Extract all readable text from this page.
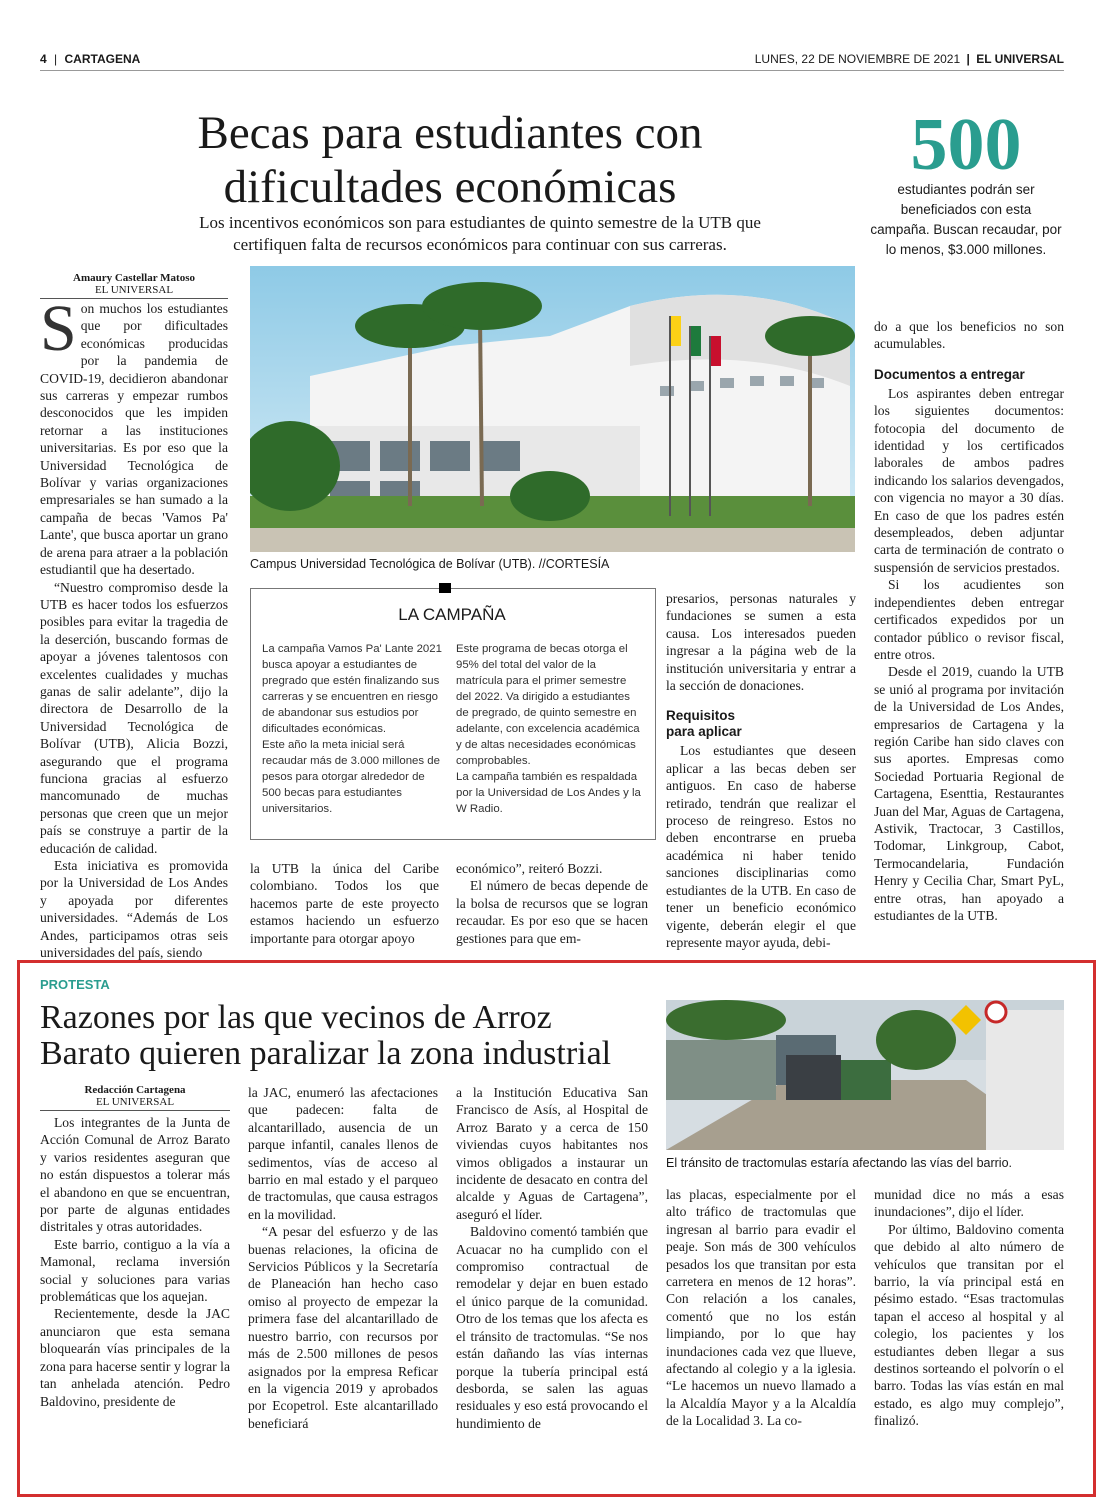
4 | CARTAGENA	LUNES, 22 DE NOVIEMBRE DE 2021 | EL UNIVERSAL
Becas para estudiantes con
dificultades económicas
Los incentivos económicos son para estudiantes de quinto semestre de la UTB que
certifiquen falta de recursos económicos para continuar con sus carreras.
500
estudiantes podrán ser
beneficiados con esta
campaña. Buscan recaudar, por
lo menos, $3.000 millones.
Amaury Castellar Matoso
EL UNIVERSAL
S on muchos los estudiantes que por dificultades económicas producidas por la pandemia de COVID-19, decidieron abandonar sus carreras y empezar rumbos desconocidos que les impiden retornar a las instituciones universitarias. Es por eso que la Universidad Tecnológica de Bolívar y varias organizaciones empresariales se han sumado a la campaña de becas 'Vamos Pa' Lante', que busca aportar un grano de arena para atraer a la población estudiantil que ha desertado.

“Nuestro compromiso desde la UTB es hacer todos los esfuerzos posibles para evitar la tragedia de la deserción, buscando formas de apoyar a jóvenes talentosos con excelentes cualidades y muchas ganas de salir adelante”, dijo la directora de Desarrollo de la Universidad Tecnológica de Bolívar (UTB), Alicia Bozzi, asegurando que el programa funciona gracias al esfuerzo mancomunado de muchas personas que creen que un mejor país se construye a partir de la educación de calidad.

Esta iniciativa es promovida por la Universidad de Los Andes y apoyada por diferentes universidades. “Además de Los Andes, participamos otras seis universidades del país, siendo

Campus Universidad Tecnológica de Bolívar (UTB). //CORTESÍA
LA CAMPAÑA
La campaña Vamos Pa' Lante 2021 busca apoyar a estudiantes de pregrado que estén finalizando sus carreras y se encuentren en riesgo de abandonar sus estudios por dificultades económicas.
Este año la meta inicial será recaudar más de 3.000 millones de pesos para otorgar alrededor de 500 becas para estudiantes universitarios.
Este programa de becas otorga el 95% del total del valor de la matrícula para el primer semestre del 2022. Va dirigido a estudiantes de pregrado, de quinto semestre en adelante, con excelencia académica y de altas necesidades económicas comprobables.
La campaña también es respaldada por la Universidad de Los Andes y la W Radio.

la UTB la única del Caribe colombiano. Todos los que hacemos parte de este proyecto estamos haciendo un esfuerzo importante para otorgar apoyo

económico”, reiteró Bozzi.

El número de becas depende de la bolsa de recursos que se logran recaudar. Es por eso que se hacen gestiones para que em-

presarios, personas naturales y fundaciones se sumen a esta causa. Los interesados pueden ingresar a la página web de la institución universitaria y entrar a la sección de donaciones.

Requisitos
para aplicar

Los estudiantes que deseen aplicar a las becas deben ser antiguos. En caso de haberse retirado, tendrán que realizar el proceso de reingreso. Estos no deben encontrarse en prueba académica ni haber tenido sanciones disciplinarias como estudiantes de la UTB. En caso de tener un beneficio económico vigente, deberán elegir el que represente mayor ayuda, debi-

do a que los beneficios no son acumulables.

Documentos a entregar

Los aspirantes deben entregar los siguientes documentos: fotocopia del documento de identidad y los certificados laborales de ambos padres indicando los salarios devengados, con vigencia no mayor a 30 días. En caso de que los padres estén desempleados, deben adjuntar carta de terminación de contrato o suspensión de servicios prestados.

Si los acudientes son independientes deben entregar certificados expedidos por un contador público o revisor fiscal, entre otros.

Desde el 2019, cuando la UTB se unió al programa por invitación de la Universidad de Los Andes, empresarios de Cartagena y la región Caribe han sido claves con sus aportes. Empresas como Sociedad Portuaria Regional de Cartagena, Esenttia, Restaurantes Juan del Mar, Aguas de Cartagena, Astivik, Tractocar, 3 Castillos, Todomar, Linkgroup, Cabot, Termocandelaria, Fundación Henry y Cecilia Char, Smart PyL, entre otras, han apoyado a estudiantes de la UTB.

PROTESTA
Razones por las que vecinos de Arroz
Barato quieren paralizar la zona industrial
El tránsito de tractomulas estaría afectando las vías del barrio.
Redacción Cartagena
EL UNIVERSAL

Los integrantes de la Junta de Acción Comunal de Arroz Barato y varios residentes aseguran que no están dispuestos a tolerar más el abandono en que se encuentran, por parte de algunas entidades distritales y otras autoridades.

Este barrio, contiguo a la vía a Mamonal, reclama inversión social y soluciones para varias problemáticas que los aquejan.

Recientemente, desde la JAC anunciaron que esta semana bloquearán vías principales de la zona para hacerse sentir y lograr la tan anhelada atención. Pedro Baldovino, presidente de

la JAC, enumeró las afectaciones que padecen: falta de alcantarillado, ausencia de un parque infantil, canales llenos de sedimentos, vías de acceso al barrio en mal estado y el parqueo de tractomulas, que causa estragos en la movilidad.

“A pesar del esfuerzo y de las buenas relaciones, la oficina de Servicios Públicos y la Secretaría de Planeación han hecho caso omiso al proyecto de empezar la primera fase del alcantarillado de nuestro barrio, con recursos por más de 2.500 millones de pesos asignados por la empresa Reficar en la vigencia 2019 y aprobados por Ecopetrol. Este alcantarillado beneficiará

a la Institución Educativa San Francisco de Asís, al Hospital de Arroz Barato y a cerca de 150 viviendas cuyos habitantes nos vimos obligados a instaurar un incidente de desacato en contra del alcalde y Aguas de Cartagena”, aseguró el líder.

Baldovino comentó también que Acuacar no ha cumplido con el compromiso contractual de remodelar y dejar en buen estado el único parque de la comunidad. Otro de los temas que los afecta es el tránsito de tractomulas. “Se nos están dañando las vías internas porque la tubería principal está desborda, se salen las aguas residuales y eso está provocando el hundimiento de

las placas, especialmente por el alto tráfico de tractomulas que ingresan al barrio para evadir el peaje. Son más de 300 vehículos pesados los que transitan por esta carretera en menos de 12 horas”. Con relación a los canales, comentó que no los están limpiando, por lo que hay inundaciones cada vez que llueve, afectando al colegio y a la iglesia. “Le hacemos un nuevo llamado a la Alcaldía Mayor y a la Alcaldía de la Localidad 3. La co-

munidad dice no más a esas inundaciones”, dijo el líder.

Por último, Baldovino comenta que debido al alto número de vehículos que transitan por el barrio, la vía principal está en pésimo estado. “Esas tractomulas tapan el acceso al hospital y al colegio, los pacientes y los estudiantes deben llegar a sus destinos sorteando el polvorín o el barro. Todas las vías están en mal estado, es algo muy complejo”, finalizó.
